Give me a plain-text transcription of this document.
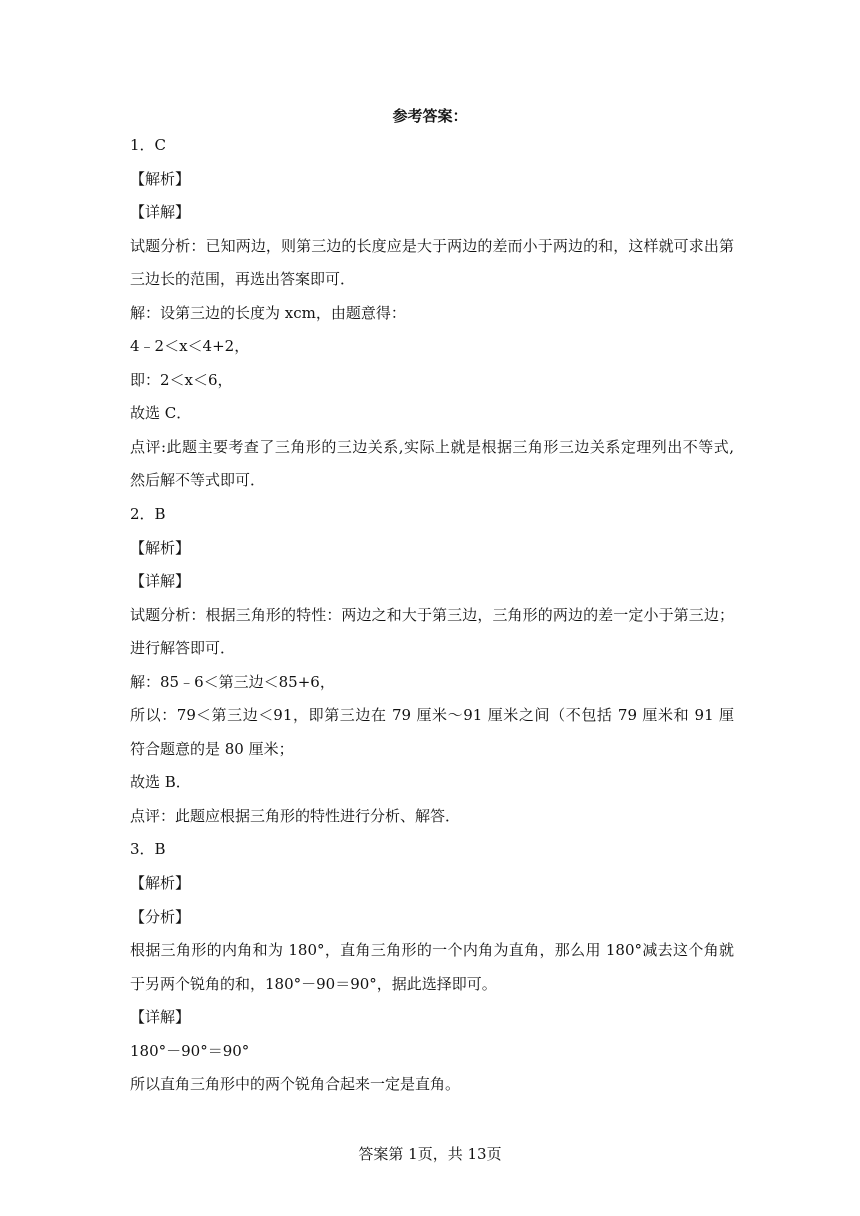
参考答案：
1．C
【解析】
【详解】
试题分析：已知两边，则第三边的长度应是大于两边的差而小于两边的和，这样就可求出第
三边长的范围，再选出答案即可．
解：设第三边的长度为 xcm，由题意得：
4﹣2＜x＜4+2，
即：2＜x＜6，
故选 C．
点评:此题主要考查了三角形的三边关系,实际上就是根据三角形三边关系定理列出不等式,
然后解不等式即可．
2．B
【解析】
【详解】
试题分析：根据三角形的特性：两边之和大于第三边，三角形的两边的差一定小于第三边；
进行解答即可．
解：85﹣6＜第三边＜85+6，
所以：79＜第三边＜91，即第三边在 79 厘米～91 厘米之间（不包括 79 厘米和 91 厘
符合题意的是 80 厘米；
故选 B．
点评：此题应根据三角形的特性进行分析、解答．
3．B
【解析】
【分析】
根据三角形的内角和为 180°，直角三角形的一个内角为直角，那么用 180°减去这个角就
于另两个锐角的和，180°－90＝90°，据此选择即可。
【详解】
180°－90°＝90°
所以直角三角形中的两个锐角合起来一定是直角。
答案第 1页，共 13页
